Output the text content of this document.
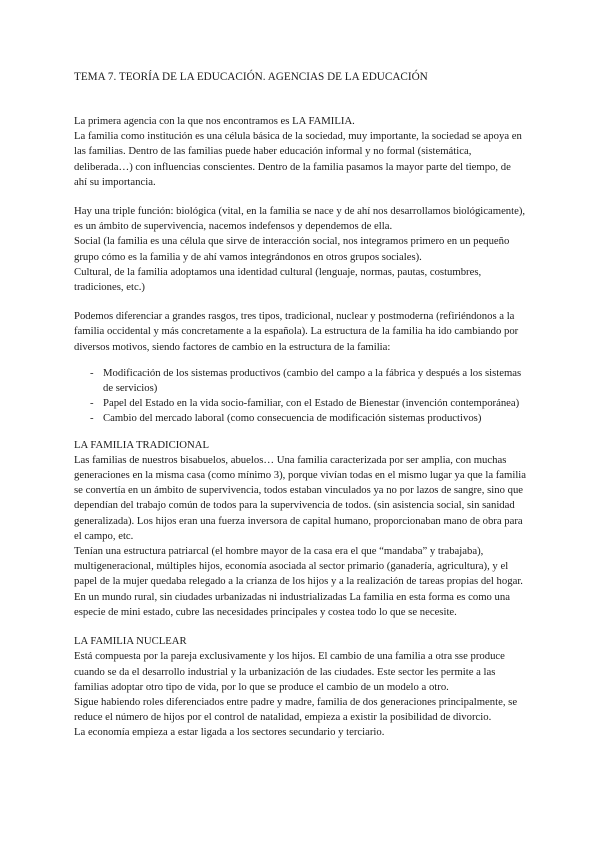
TEMA 7. TEORÍA DE LA EDUCACIÓN. AGENCIAS DE LA EDUCACIÓN

La primera agencia con la que nos encontramos es LA FAMILIA.

La familia como institución es una célula básica de la sociedad, muy importante, la sociedad se apoya en las familias. Dentro de las familias puede haber educación informal y no formal (sistemática, deliberada…) con influencias conscientes. Dentro de la familia pasamos la mayor parte del tiempo, de ahí su importancia.

Hay una triple función: biológica (vital, en la familia se nace y de ahí nos desarrollamos biológicamente), es un ámbito de supervivencia, nacemos indefensos y dependemos de ella.

Social (la familia es una célula que sirve de interacción social, nos integramos primero en un pequeño grupo cómo es la familia y de ahí vamos integrándonos en otros grupos sociales).

Cultural, de la familia adoptamos una identidad cultural (lenguaje, normas, pautas, costumbres, tradiciones, etc.)

Podemos diferenciar a grandes rasgos, tres tipos, tradicional, nuclear y postmoderna (refiriéndonos a la familia occidental y más concretamente a la española). La estructura de la familia ha ido cambiando por diversos motivos, siendo factores de cambio en la estructura de la familia:

- Modificación de los sistemas productivos (cambio del campo a la fábrica y después a los sistemas de servicios)
- Papel del Estado en la vida socio-familiar, con el Estado de Bienestar (invención contemporánea)
- Cambio del mercado laboral (como consecuencia de modificación sistemas productivos)
LA FAMILIA TRADICIONAL

Las familias de nuestros bisabuelos, abuelos… Una familia caracterizada por ser amplia, con muchas generaciones en la misma casa (como mínimo 3), porque vivían todas en el mismo lugar ya que la familia se convertía en un ámbito de supervivencia, todos estaban vinculados ya no por lazos de sangre, sino que dependían del trabajo común de todos para la supervivencia de todos. (sin asistencia social, sin sanidad generalizada). Los hijos eran una fuerza inversora de capital humano, proporcionaban mano de obra para el campo, etc.

Tenían una estructura patriarcal (el hombre mayor de la casa era el que “mandaba” y trabajaba), multigeneracional, múltiples hijos, economía asociada al sector primario (ganadería, agricultura), y el papel de la mujer quedaba relegado a la crianza de los hijos y a la realización de tareas propias del hogar.

En un mundo rural, sin ciudades urbanizadas ni industrializadas La familia en esta forma es como una especie de mini estado, cubre las necesidades principales y costea todo lo que se necesite.

LA FAMILIA NUCLEAR

Está compuesta por la pareja exclusivamente y los hijos. El cambio de una familia a otra sse produce cuando se da el desarrollo industrial y la urbanización de las ciudades. Este sector les permite a las familias adoptar otro tipo de vida, por lo que se produce el cambio de un modelo a otro.

Sigue habiendo roles diferenciados entre padre y madre, familia de dos generaciones principalmente, se reduce el número de hijos por el control de natalidad, empieza a existir la posibilidad de divorcio.

La economía empieza a estar ligada a los sectores secundario y terciario.
